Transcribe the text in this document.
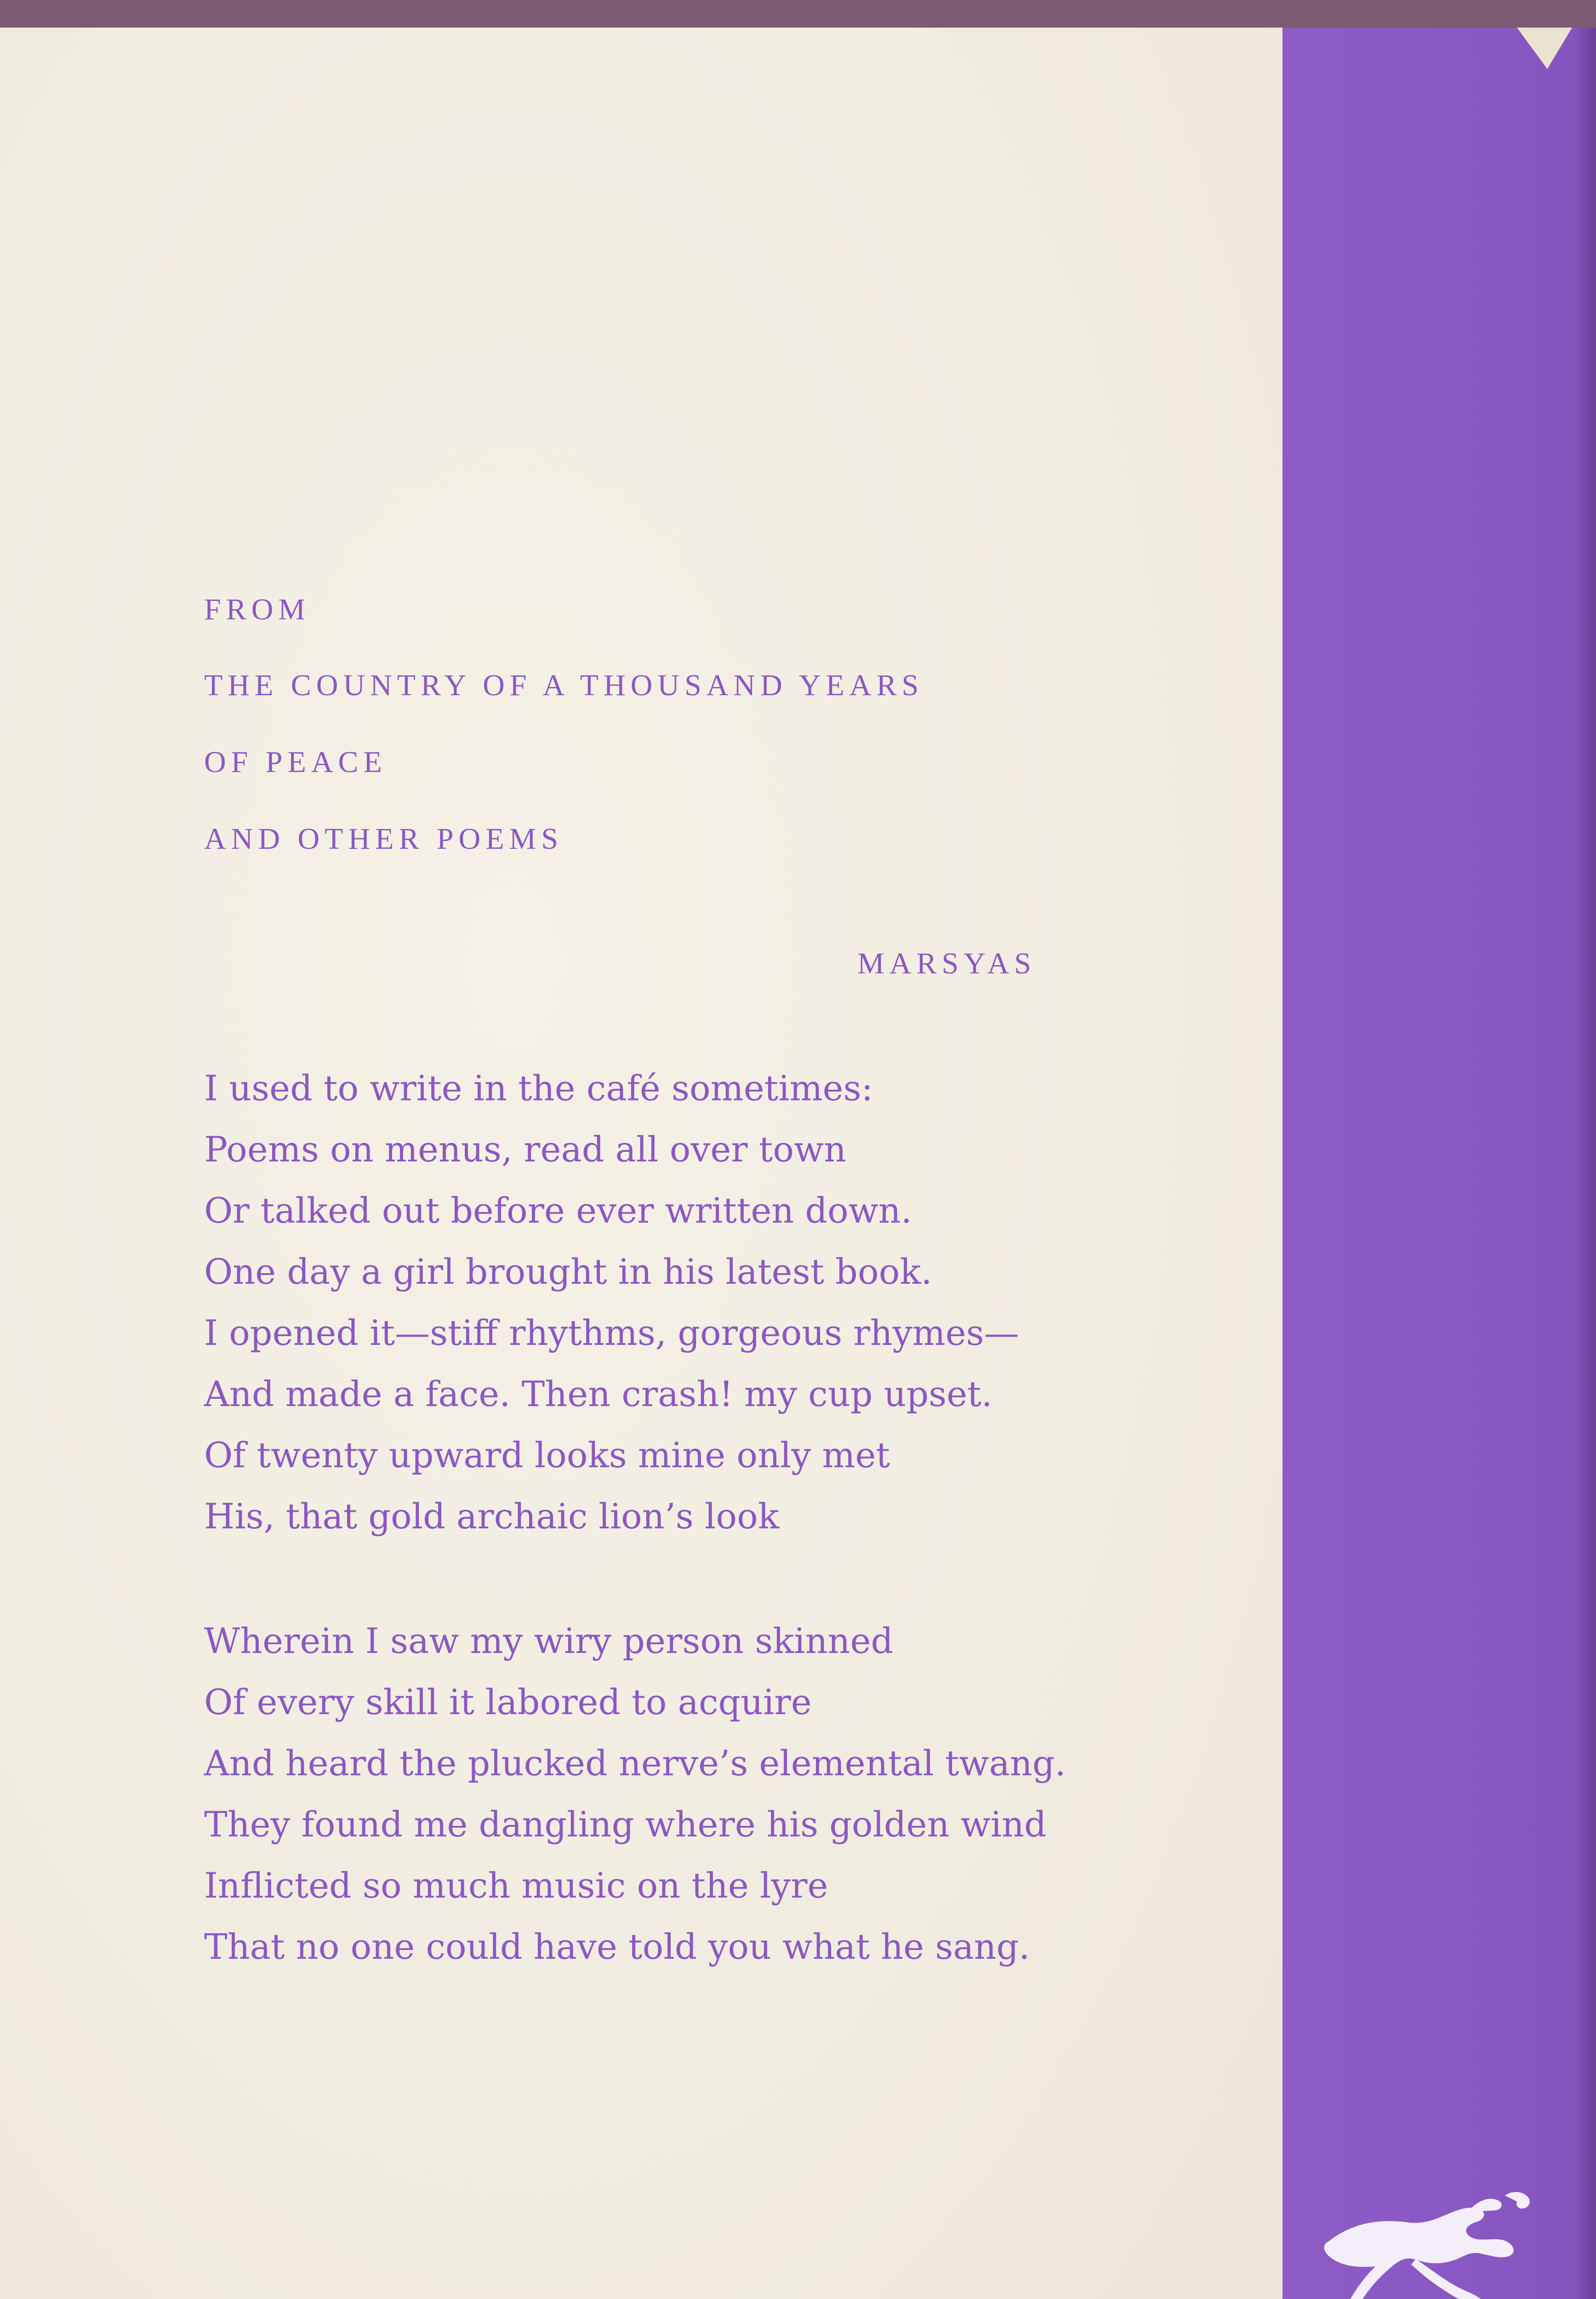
FROM
THE COUNTRY OF A THOUSAND YEARS
OF PEACE
AND OTHER POEMS
MARSYAS
I used to write in the café sometimes:
Poems on menus, read all over town
Or talked out before ever written down.
One day a girl brought in his latest book.
I opened it—stiff rhythms, gorgeous rhymes—
And made a face. Then crash! my cup upset.
Of twenty upward looks mine only met
His, that gold archaic lion’s look
Wherein I saw my wiry person skinned
Of every skill it labored to acquire
And heard the plucked nerve’s elemental twang.
They found me dangling where his golden wind
Inflicted so much music on the lyre
That no one could have told you what he sang.
